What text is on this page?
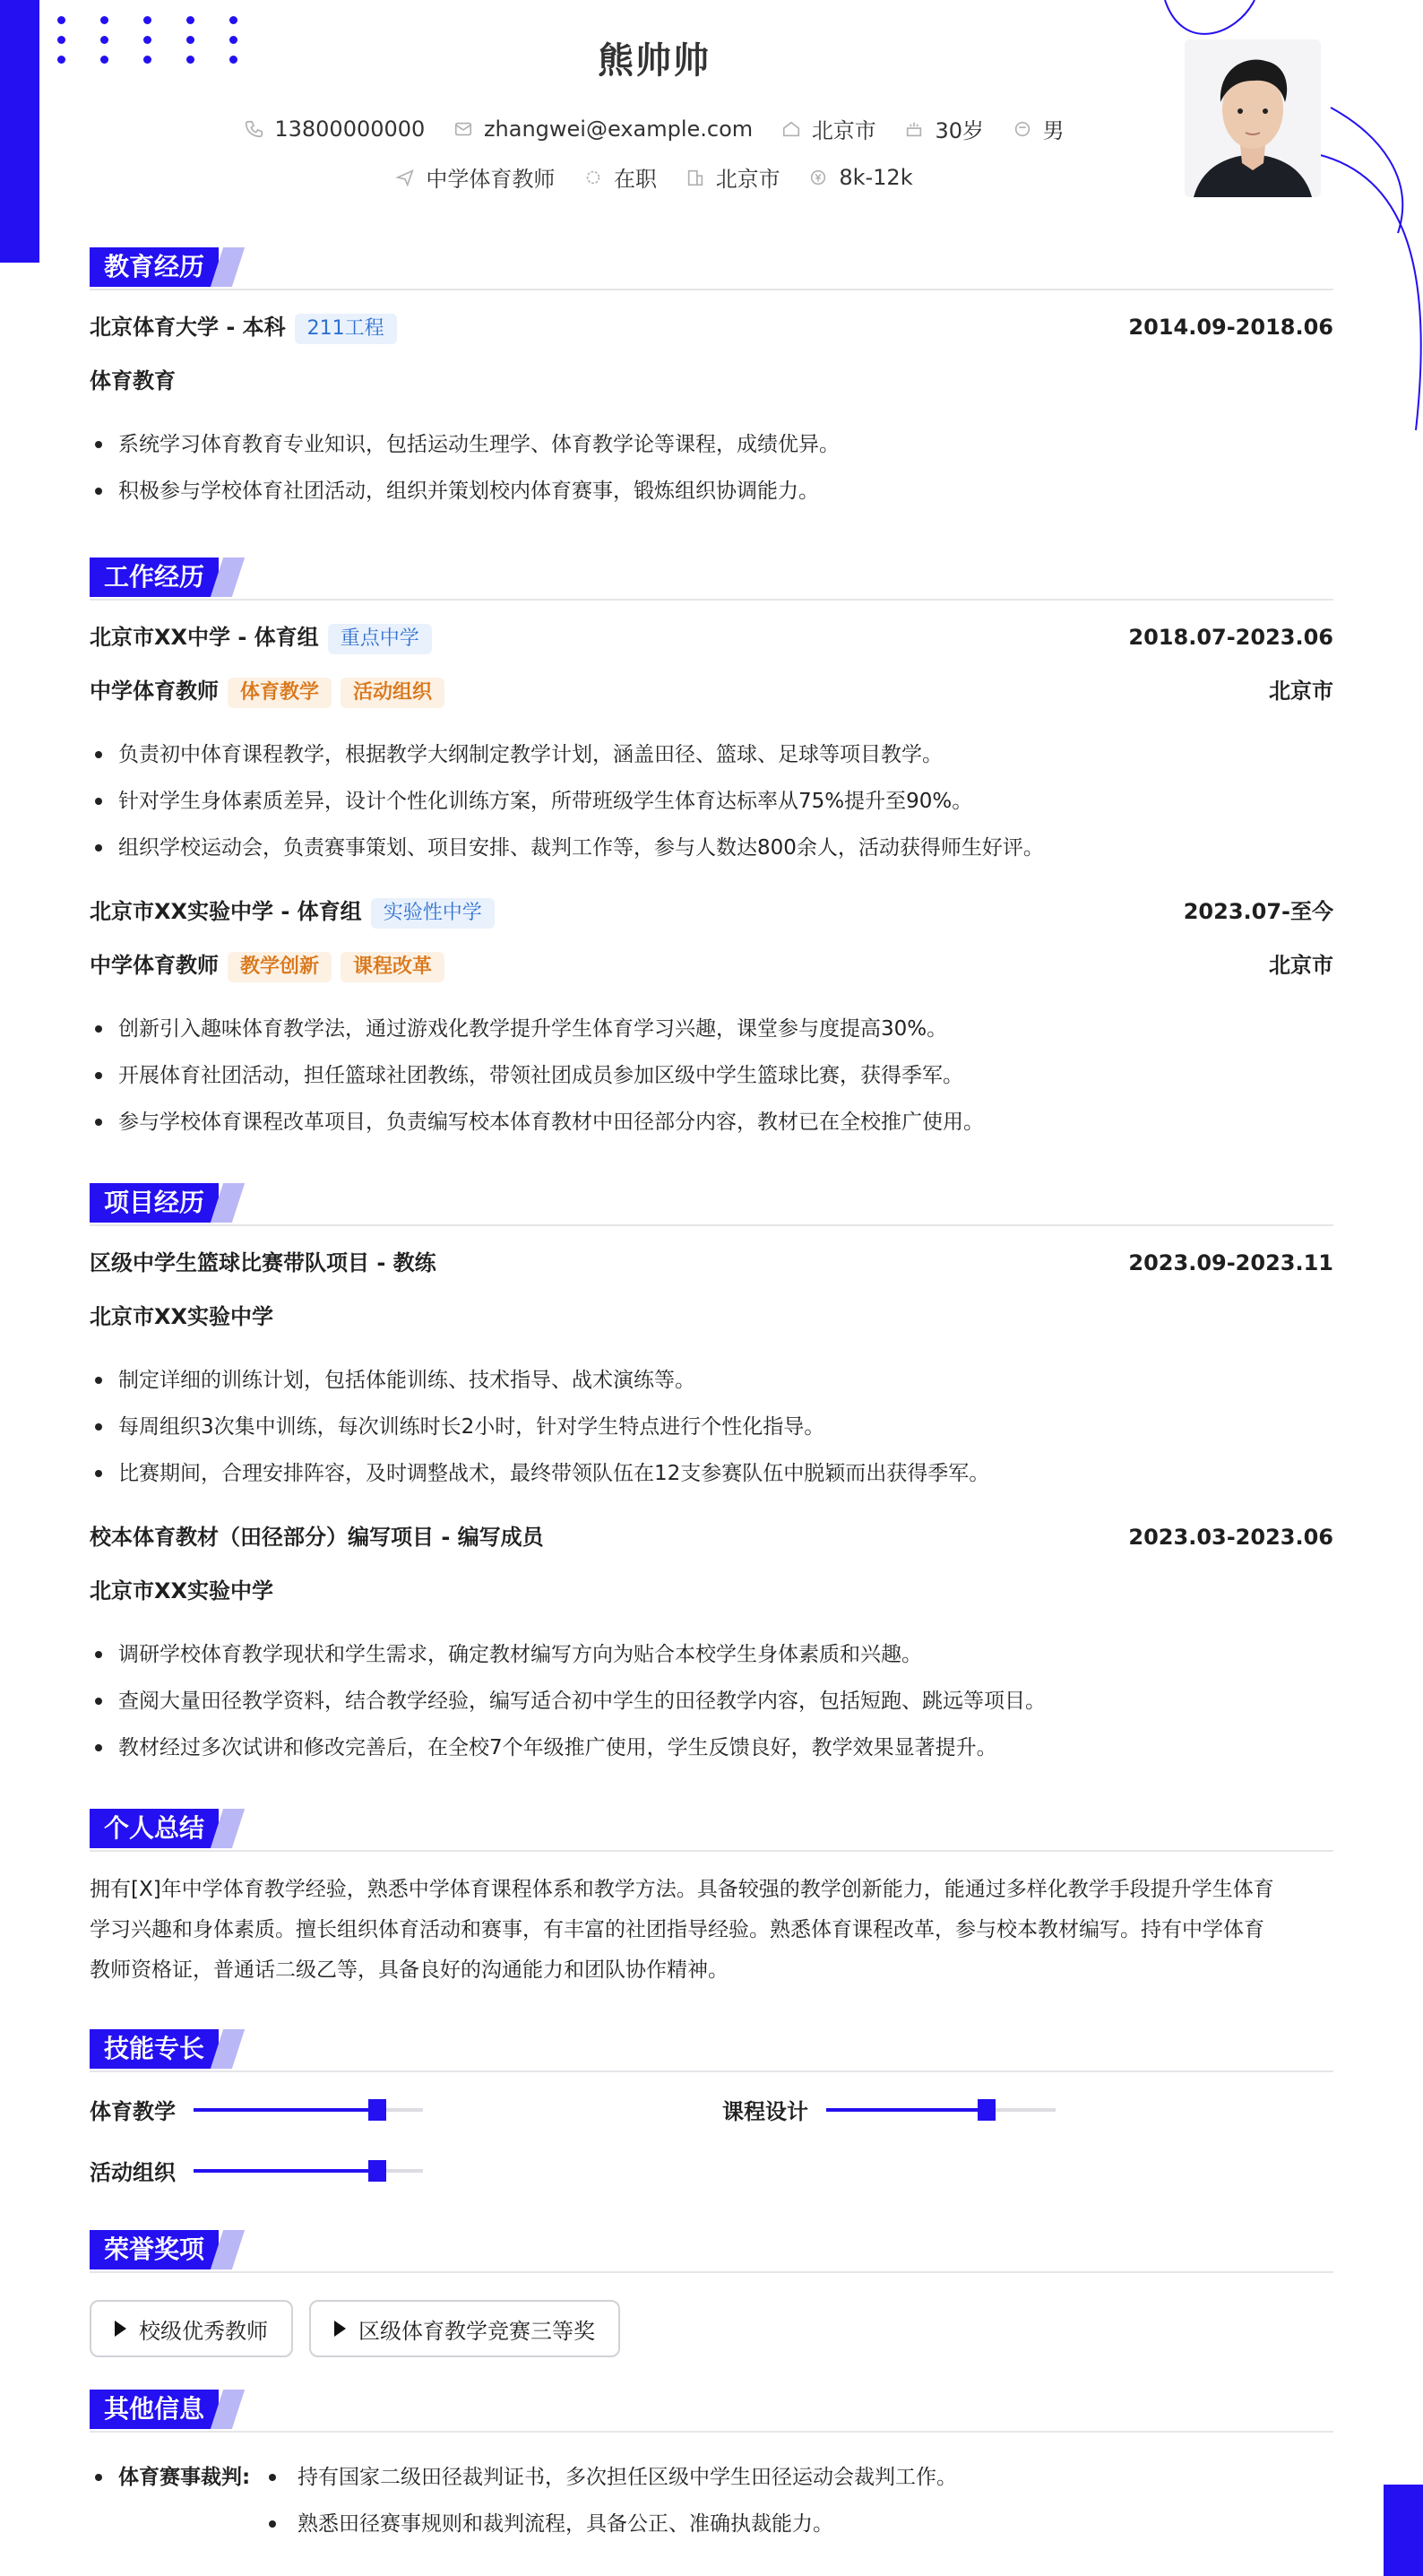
熊帅帅
13800000000
	zhangwei@example.com
	北京市
	30岁
	男
中学体育教师
	在职
	北京市
	8k-12k
教育经历
北京体育大学 - 本科 211工程	2014.09-2018.06
体育教育
系统学习体育教育专业知识，包括运动生理学、体育教学论等课程，成绩优异。
积极参与学校体育社团活动，组织并策划校内体育赛事，锻炼组织协调能力。
工作经历
北京市XX中学 - 体育组 重点中学	2018.07-2023.06
中学体育教师 体育教学 活动组织	北京市
负责初中体育课程教学，根据教学大纲制定教学计划，涵盖田径、篮球、足球等项目教学。
针对学生身体素质差异，设计个性化训练方案，所带班级学生体育达标率从75%提升至90%。
组织学校运动会，负责赛事策划、项目安排、裁判工作等，参与人数达800余人，活动获得师生好评。
北京市XX实验中学 - 体育组 实验性中学	2023.07-至今
中学体育教师 教学创新 课程改革	北京市
创新引入趣味体育教学法，通过游戏化教学提升学生体育学习兴趣，课堂参与度提高30%。
开展体育社团活动，担任篮球社团教练，带领社团成员参加区级中学生篮球比赛，获得季军。
参与学校体育课程改革项目，负责编写校本体育教材中田径部分内容，教材已在全校推广使用。
项目经历
区级中学生篮球比赛带队项目 - 教练	2023.09-2023.11
北京市XX实验中学
制定详细的训练计划，包括体能训练、技术指导、战术演练等。
每周组织3次集中训练，每次训练时长2小时，针对学生特点进行个性化指导。
比赛期间，合理安排阵容，及时调整战术，最终带领队伍在12支参赛队伍中脱颖而出获得季军。
校本体育教材（田径部分）编写项目 - 编写成员	2023.03-2023.06
北京市XX实验中学
调研学校体育教学现状和学生需求，确定教材编写方向为贴合本校学生身体素质和兴趣。
查阅大量田径教学资料，结合教学经验，编写适合初中学生的田径教学内容，包括短跑、跳远等项目。
教材经过多次试讲和修改完善后，在全校7个年级推广使用，学生反馈良好，教学效果显著提升。
个人总结
拥有[X]年中学体育教学经验，熟悉中学体育课程体系和教学方法。具备较强的教学创新能力，能通过多样化教学手段提升学生体育
学习兴趣和身体素质。擅长组织体育活动和赛事，有丰富的社团指导经验。熟悉体育课程改革，参与校本教材编写。持有中学体育
教师资格证，普通话二级乙等，具备良好的沟通能力和团队协作精神。
技能专长
体育教学	课程设计
活动组织
荣誉奖项
校级优秀教师	区级体育教学竞赛三等奖
其他信息
体育赛事裁判: 持有国家二级田径裁判证书，多次担任区级中学生田径运动会裁判工作。
熟悉田径赛事规则和裁判流程，具备公正、准确执裁能力。
